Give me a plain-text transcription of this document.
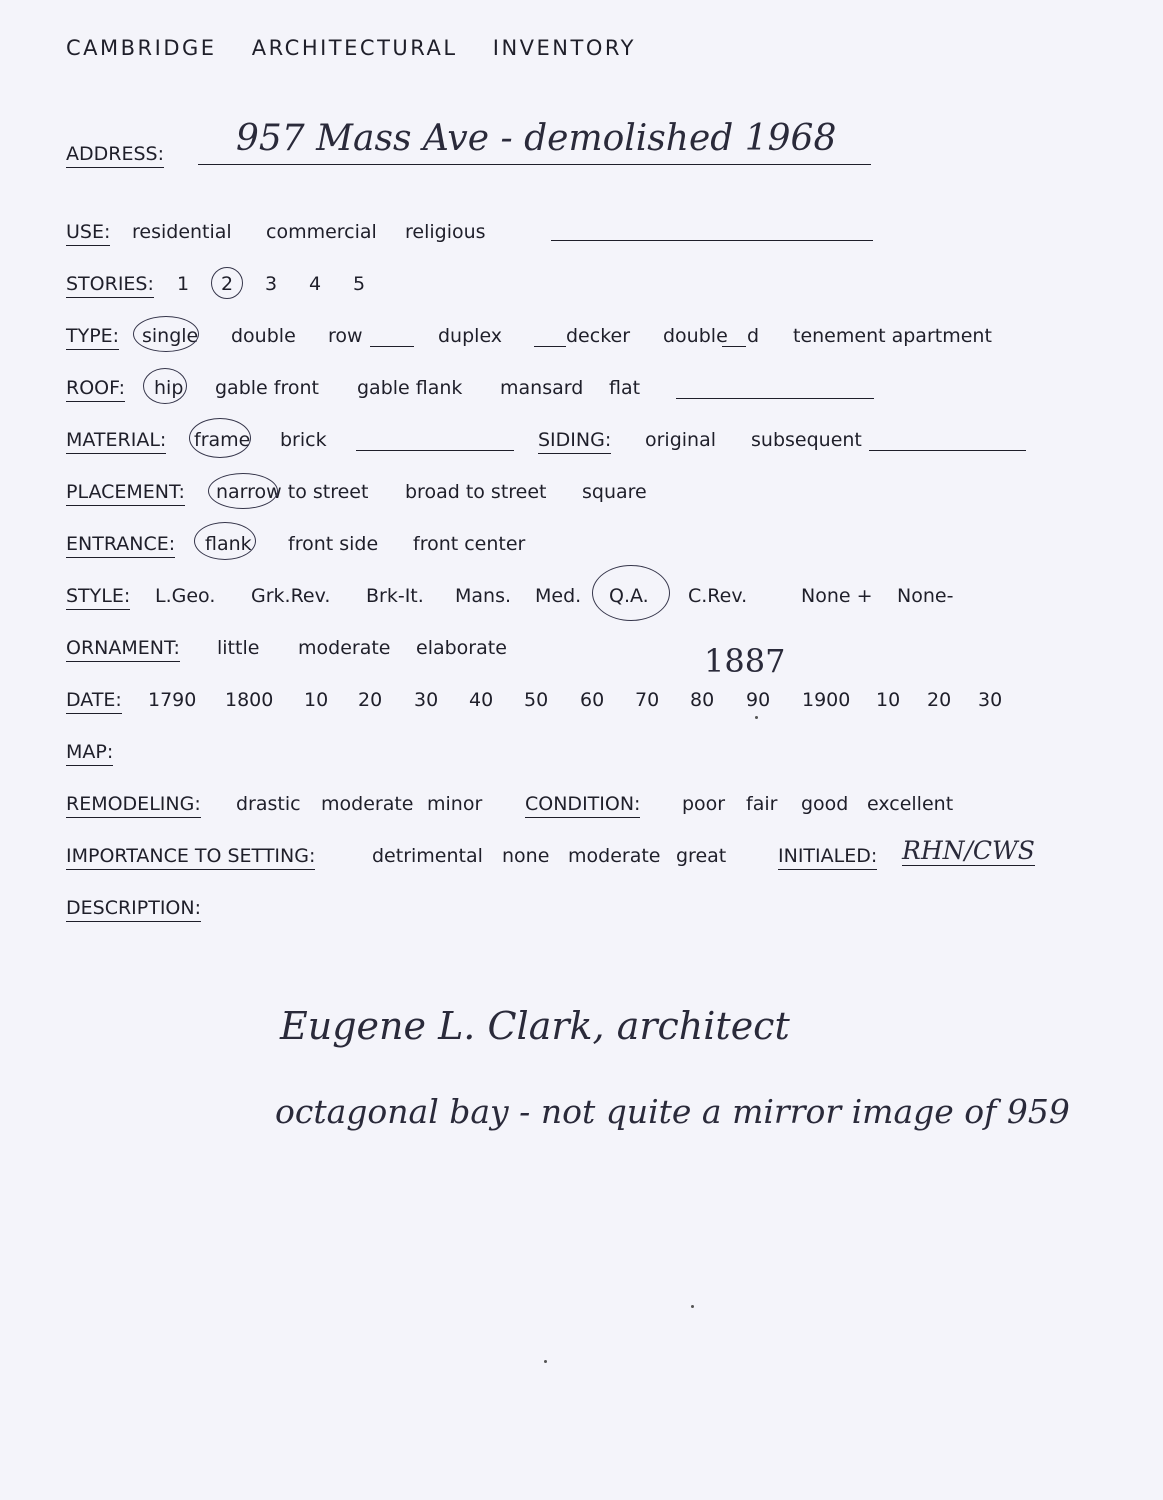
CAMBRIDGE ARCHITECTURAL INVENTORY
ADDRESS: 957 Mass Ave - demolished 1968
USE: residential commercial religious
STORIES: 1 2 3 4 5
TYPE: single double row	duplex	decker double d tenement apartment
ROOF: hip gable front gable flank mansard flat
MATERIAL: frame brick	SIDING: original subsequent
PLACEMENT: narrow to street broad to street square
ENTRANCE: flank front side front center
STYLE: L.Geo. Grk.Rev. Brk-It. Mans. Med. Q.A. C.Rev.	None + None-
ORNAMENT: little moderate elaborate	1887
DATE: 1790 1800 10 20 30 40 50 60 70 80 90 1900 10 20 30
MAP:
REMODELING: drastic moderate minor CONDITION: poor fair good excellent
IMPORTANCE TO SETTING:	detrimental none moderate great	INITIALED: RHN/CWS
DESCRIPTION:
Eugene L. Clark, architect
octagonal bay - not quite a mirror image of 959
